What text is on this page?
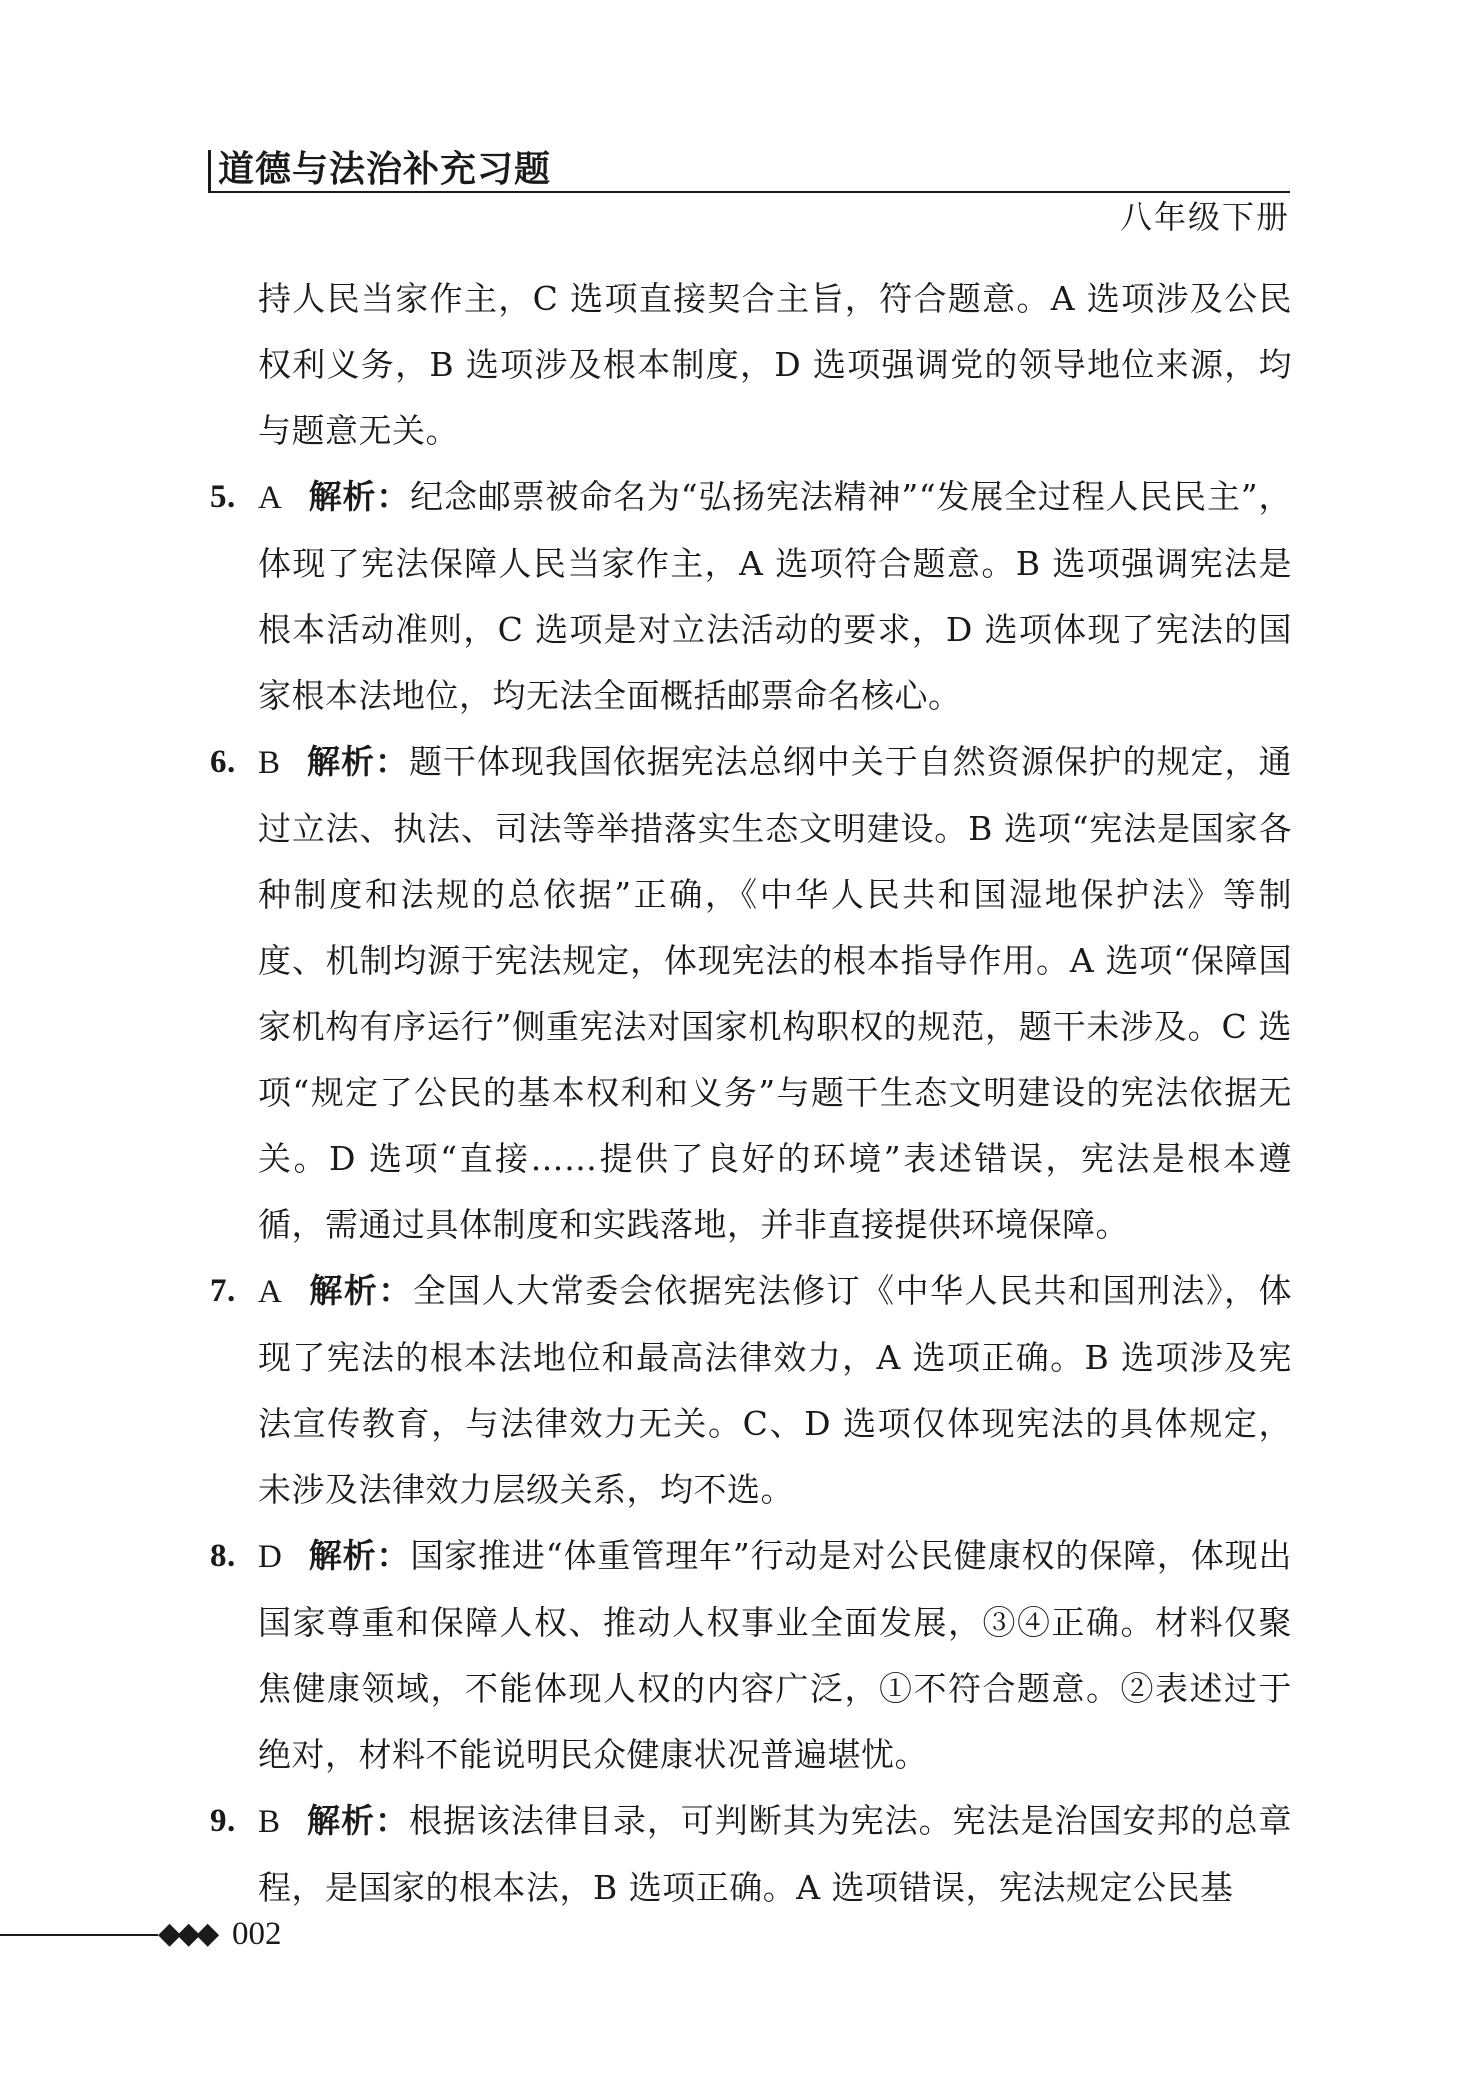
道德与法治补充习题
八年级下册
持人民当家作主，C 选项直接契合主旨，符合题意。A 选项涉及公民权利义务，B 选项涉及根本制度，D 选项强调党的领导地位来源，均与题意无关。
5. A 解析：纪念邮票被命名为“弘扬宪法精神”“发展全过程人民民主”，体现了宪法保障人民当家作主，A 选项符合题意。B 选项强调宪法是根本活动准则，C 选项是对立法活动的要求，D 选项体现了宪法的国家根本法地位，均无法全面概括邮票命名核心。
6. B 解析：题干体现我国依据宪法总纲中关于自然资源保护的规定，通过立法、执法、司法等举措落实生态文明建设。B 选项“宪法是国家各种制度和法规的总依据”正确，《中华人民共和国湿地保护法》等制度、机制均源于宪法规定，体现宪法的根本指导作用。A 选项“保障国家机构有序运行”侧重宪法对国家机构职权的规范，题干未涉及。C 选项“规定了公民的基本权利和义务”与题干生态文明建设的宪法依据无关。D 选项“直接……提供了良好的环境”表述错误，宪法是根本遵循，需通过具体制度和实践落地，并非直接提供环境保障。
7. A 解析：全国人大常委会依据宪法修订《中华人民共和国刑法》，体现了宪法的根本法地位和最高法律效力，A 选项正确。B 选项涉及宪法宣传教育，与法律效力无关。C、D 选项仅体现宪法的具体规定，未涉及法律效力层级关系，均不选。
8. D 解析：国家推进“体重管理年”行动是对公民健康权的保障，体现出国家尊重和保障人权、推动人权事业全面发展，③④正确。材料仅聚焦健康领域，不能体现人权的内容广泛，①不符合题意。②表述过于绝对，材料不能说明民众健康状况普遍堪忧。
9. B 解析：根据该法律目录，可判断其为宪法。宪法是治国安邦的总章程，是国家的根本法，B 选项正确。A 选项错误，宪法规定公民基
◆◆◆ 002
